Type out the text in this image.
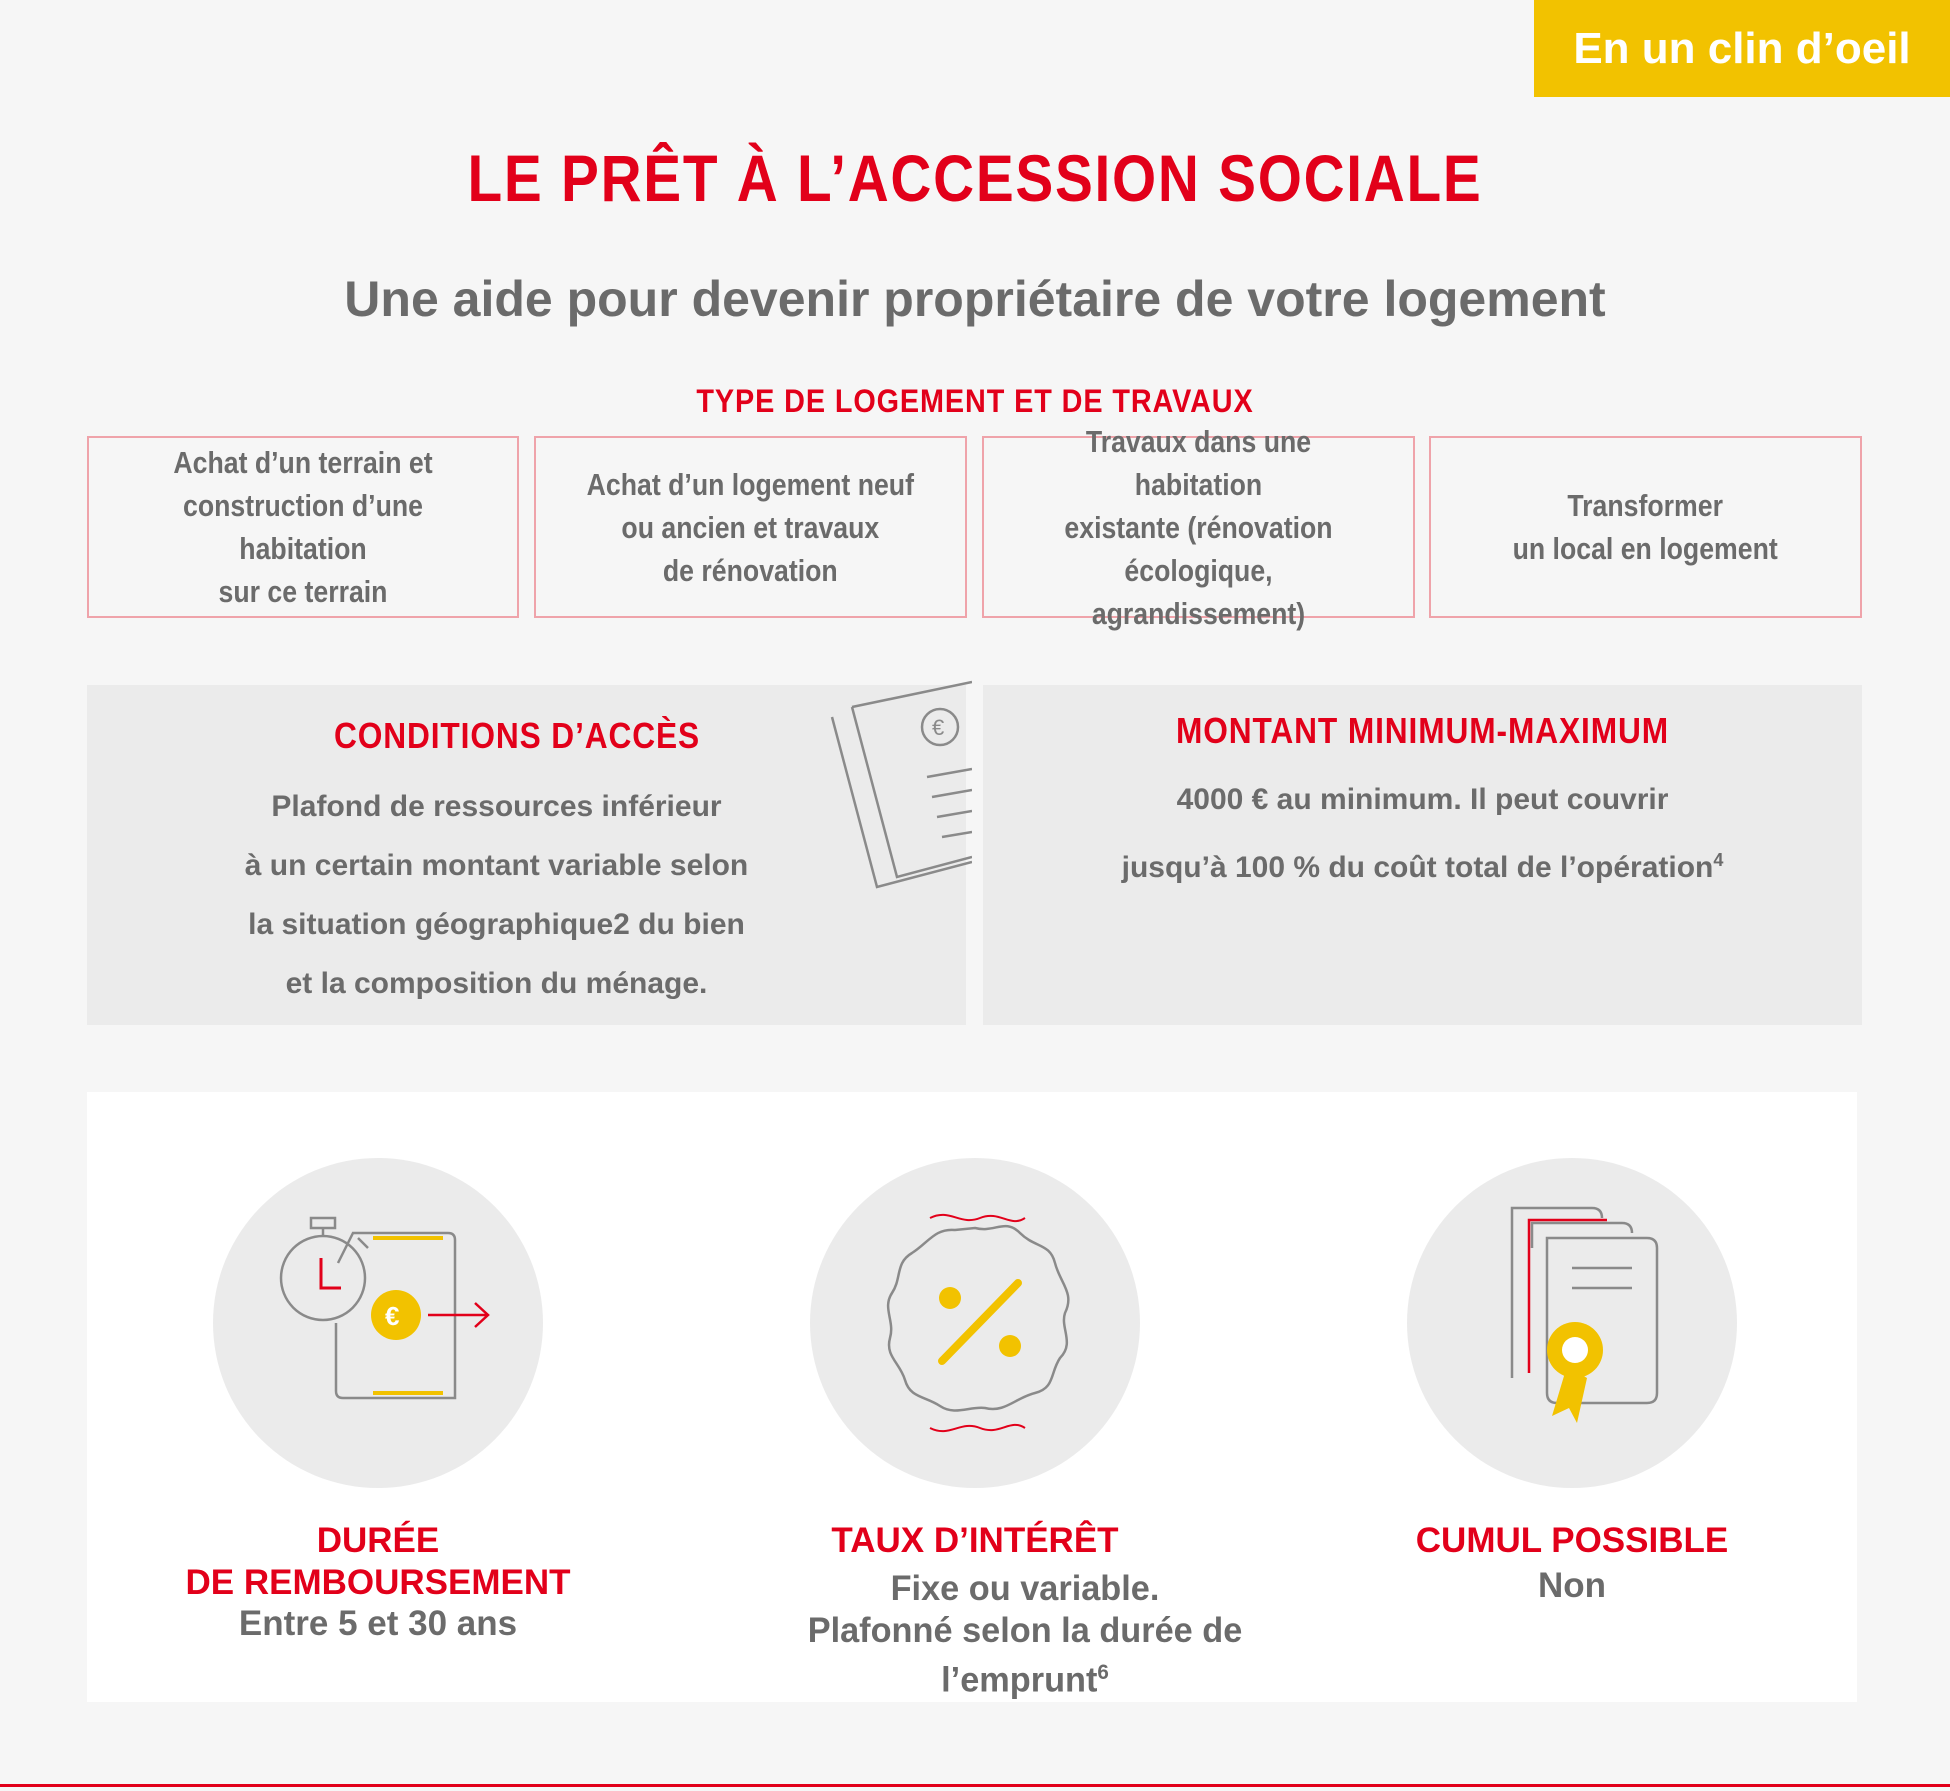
En un clin d’oeil
LE PRÊT À L’ACCESSION SOCIALE
Une aide pour devenir propriétaire de votre logement
TYPE DE LOGEMENT ET DE TRAVAUX
Achat d’un terrain et
construction d’une habitation
sur ce terrain
Achat d’un logement neuf
ou ancien et travaux
de rénovation
Travaux dans une habitation
existante (rénovation
écologique, agrandissement)
Transformer
un local en logement
CONDITIONS D’ACCÈS
Plafond de ressources inférieur
à un certain montant variable selon
la situation géographique2 du bien
et la composition du ménage.
€	MONTANT MINIMUM-MAXIMUM
4000 € au minimum. Il peut couvrir
jusqu’à 100 % du coût total de l’opération$^4$
€
DURÉE
DE REMBOURSEMENT
Entre 5 et 30 ans
TAUX D’INTÉRÊT
Fixe ou variable.
Plafonné selon la durée de l’emprunt$^6$
CUMUL POSSIBLE
Non
